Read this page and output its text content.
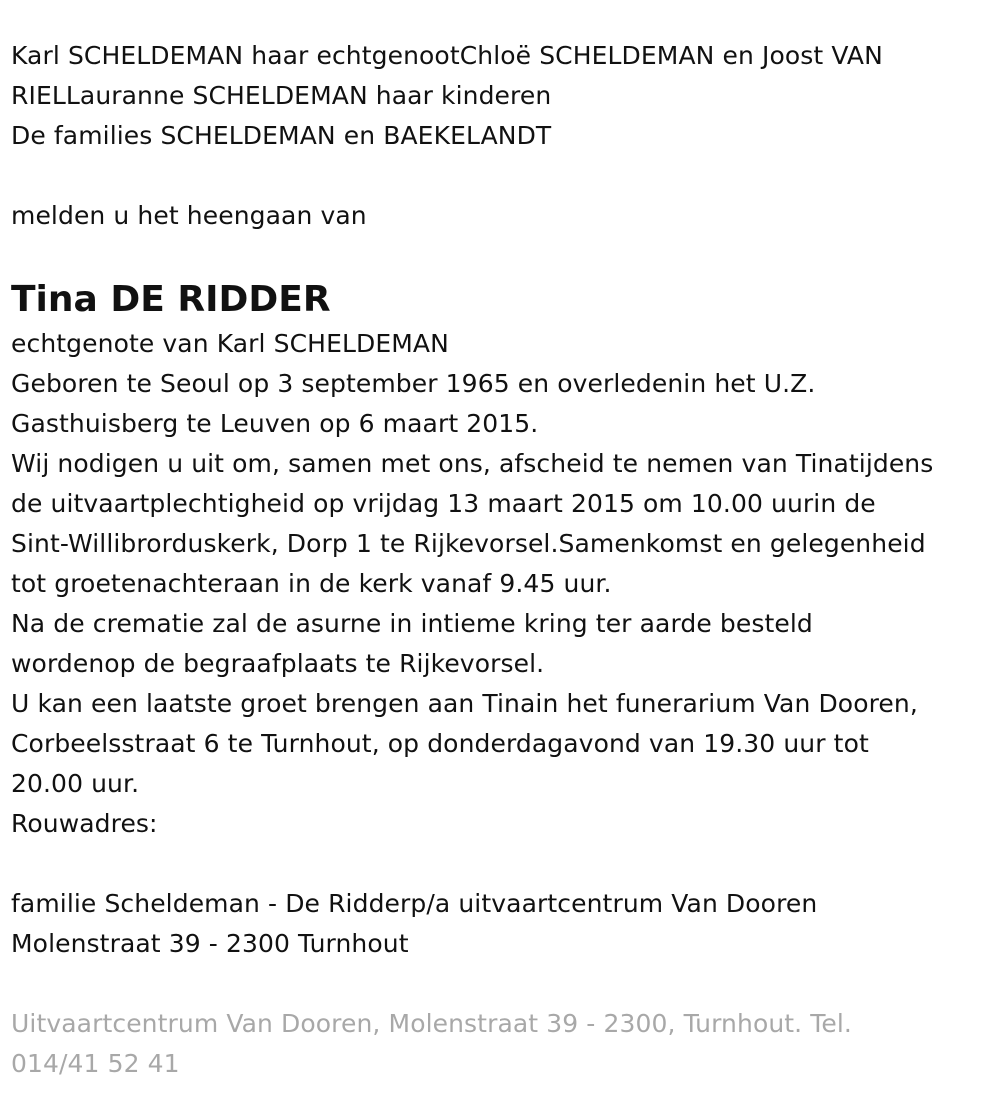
Karl SCHELDEMAN haar echtgenootChloë SCHELDEMAN en Joost VAN
RIELLauranne SCHELDEMAN haar kinderen
De families SCHELDEMAN en BAEKELANDT
melden u het heengaan van
Tina DE RIDDER
echtgenote van Karl SCHELDEMAN
Geboren te Seoul op 3 september 1965 en overledenin het U.Z.
Gasthuisberg te Leuven op 6 maart 2015.
Wij nodigen u uit om, samen met ons, afscheid te nemen van Tinatijdens
de uitvaartplechtigheid op vrijdag 13 maart 2015 om 10.00 uurin de
Sint-Willibrorduskerk, Dorp 1 te Rijkevorsel.Samenkomst en gelegenheid
tot groetenachteraan in de kerk vanaf 9.45 uur.
Na de crematie zal de asurne in intieme kring ter aarde besteld
wordenop de begraafplaats te Rijkevorsel.
U kan een laatste groet brengen aan Tinain het funerarium Van Dooren,
Corbeelsstraat 6 te Turnhout, op donderdagavond van 19.30 uur tot
20.00 uur.
Rouwadres:
familie Scheldeman - De Ridderp/a uitvaartcentrum Van Dooren
Molenstraat 39 - 2300 Turnhout
Uitvaartcentrum Van Dooren, Molenstraat 39 - 2300, Turnhout. Tel.
014/41 52 41
